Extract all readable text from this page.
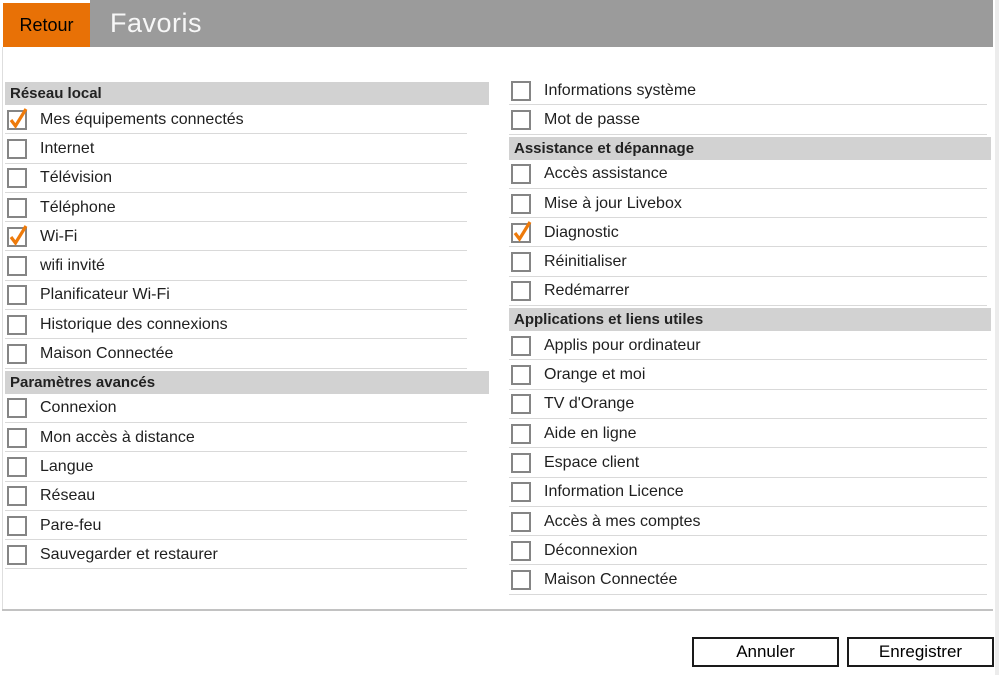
Retour	Favoris
Réseau local
Mes équipements connectés
Internet
Télévision
Téléphone
Wi-Fi
wifi invité
Planificateur Wi-Fi
Historique des connexions
Maison Connectée
Paramètres avancés
Connexion
Mon accès à distance
Langue
Réseau
Pare-feu
Sauvegarder et restaurer
Informations système
Mot de passe
Assistance et dépannage
Accès assistance
Mise à jour Livebox
Diagnostic
Réinitialiser
Redémarrer
Applications et liens utiles
Applis pour ordinateur
Orange et moi
TV d'Orange
Aide en ligne
Espace client
Information Licence
Accès à mes comptes
Déconnexion
Maison Connectée
Annuler	Enregistrer
